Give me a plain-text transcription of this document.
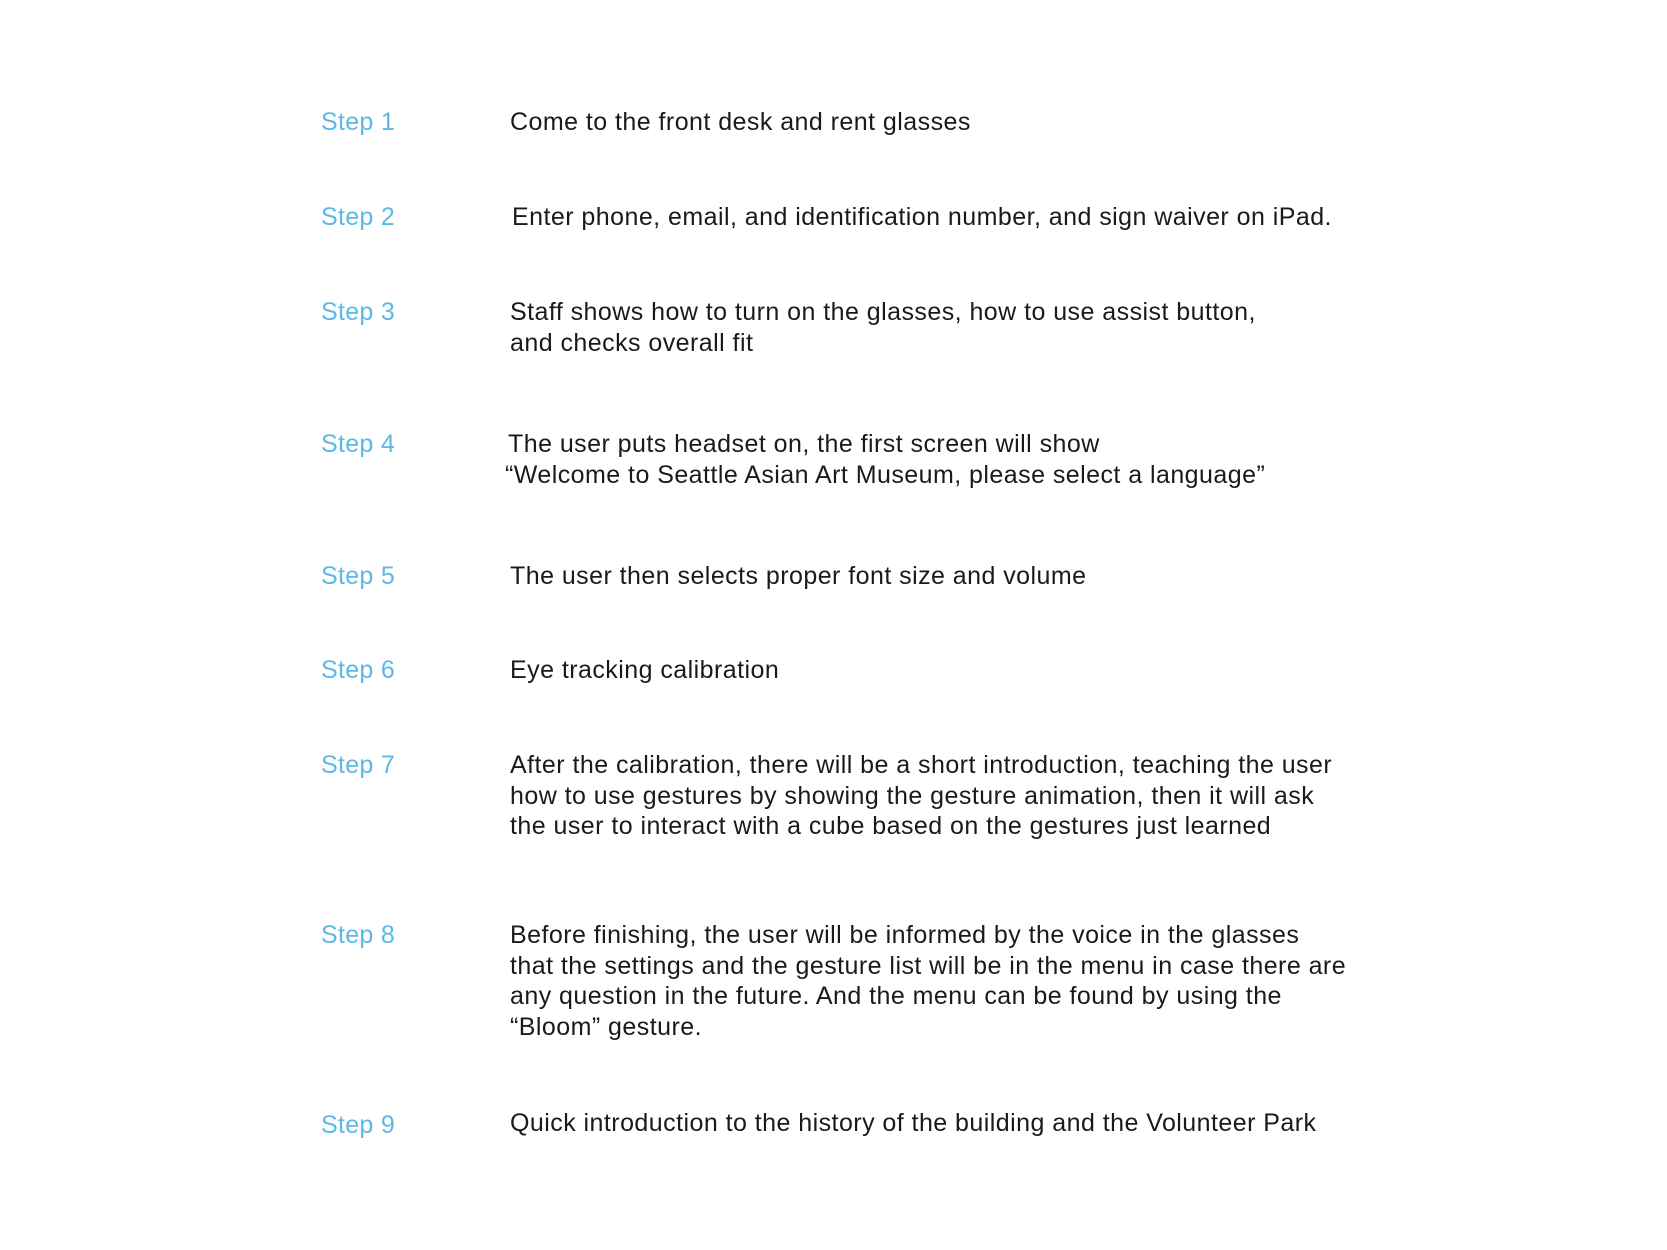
Step 1	Come to the front desk and rent glasses
Step 2	Enter phone, email, and identification number, and sign waiver on iPad.
Step 3	Staff shows how to turn on the glasses, how to use assist button,
and checks overall fit
Step 4	The user puts headset on, the first screen will show
“Welcome to Seattle Asian Art Museum, please select a language”
Step 5	The user then selects proper font size and volume
Step 6	Eye tracking calibration
Step 7	After the calibration, there will be a short introduction, teaching the user
how to use gestures by showing the gesture animation, then it will ask
the user to interact with a cube based on the gestures just learned
Step 8	Before finishing, the user will be informed by the voice in the glasses
that the settings and the gesture list will be in the menu in case there are
any question in the future. And the menu can be found by using the
“Bloom” gesture.
Step 9	Quick introduction to the history of the building and the Volunteer Park
